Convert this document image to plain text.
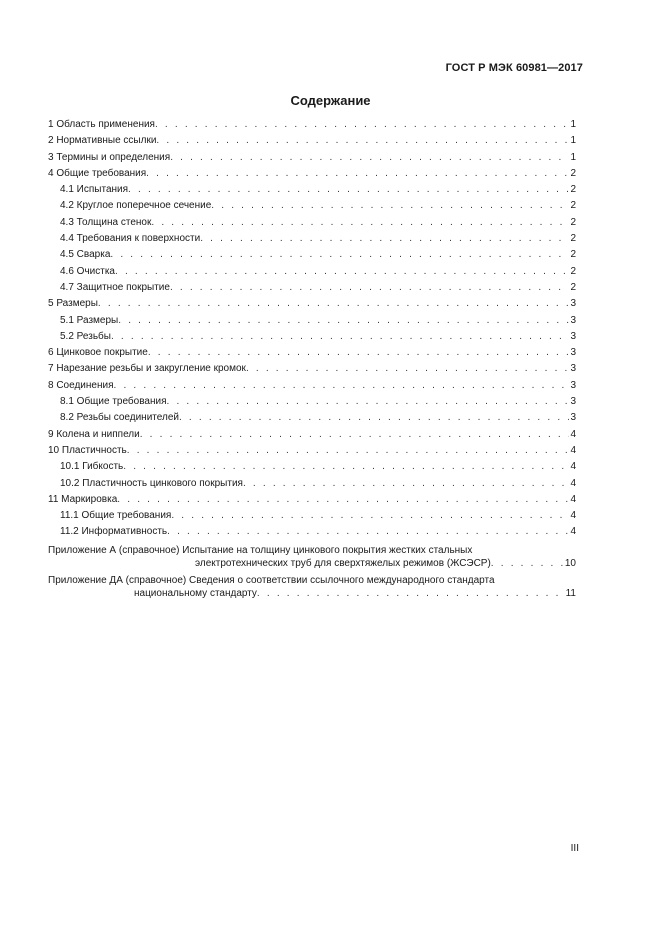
ГОСТ Р МЭК 60981—2017
Содержание
1 Область применения . . .	1
2 Нормативные ссылки . . .	1
3 Термины и определения . . .	1
4 Общие требования . . .	2
4.1 Испытания . . .	2
4.2 Круглое поперечное сечение . . .	2
4.3 Толщина стенок . . .	2
4.4 Требования к поверхности . . .	2
4.5 Сварка . . .	2
4.6 Очистка . . .	2
4.7 Защитное покрытие . . .	2
5 Размеры . . .	3
5.1 Размеры . . .	3
5.2 Резьбы . . .	3
6 Цинковое покрытие . . .	3
7 Нарезание резьбы и закругление кромок . . .	3
8 Соединения . . .	3
8.1 Общие требования . . .	3
8.2 Резьбы соединителей . . .	3
9 Колена и ниппели . . .	4
10 Пластичность . . .	4
10.1 Гибкость . . .	4
10.2 Пластичность цинкового покрытия . . .	4
11 Маркировка . . .	4
11.1 Общие требования . . .	4
11.2 Информативность . . .	4
Приложение А (справочное) Испытание на толщину цинкового покрытия жестких стальных
электротехнических труб для сверхтяжелых режимов (ЖСЭСР) . . .	10
Приложение ДА (справочное) Сведения о соответствии ссылочного международного стандарта
национальному стандарту . . .	11
III
